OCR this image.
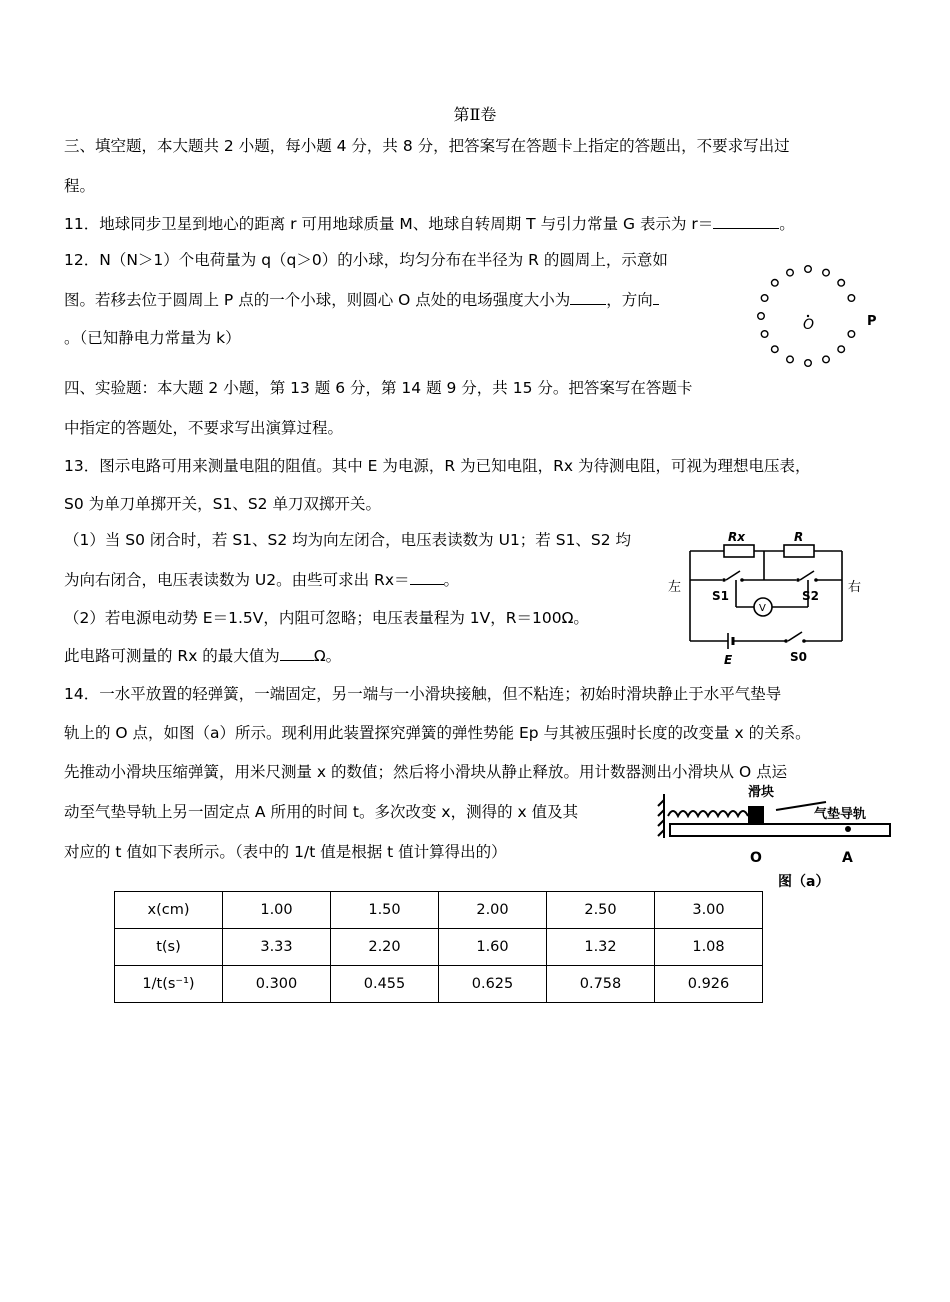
第Ⅱ卷
三、填空题，本大题共 2 小题，每小题 4 分，共 8 分，把答案写在答题卡上指定的答题出，不要求写出过
程。
11．地球同步卫星到地心的距离 r 可用地球质量 M、地球自转周期 T 与引力常量 G 表示为 r＝	。
12．N（N＞1）个电荷量为 q（q＞0）的小球，均匀分布在半径为 R 的圆周上，示意如
图。若移去位于圆周上 P 点的一个小球，则圆心 O 点处的电场强度大小为 ，方向
。（已知静电力常量为 k）
O	P
四、实验题：本大题 2 小题，第 13 题 6 分，第 14 题 9 分，共 15 分。把答案写在答题卡
中指定的答题处，不要求写出演算过程。
13．图示电路可用来测量电阻的阻值。其中 E 为电源，R 为已知电阻，Rx 为待测电阻，可视为理想电压表，
S0 为单刀单掷开关，S1、S2 单刀双掷开关。
（1）当 S0 闭合时，若 S1、S2 均为向左闭合，电压表读数为 U1；若 S1、S2 均
为向右闭合，电压表读数为 U2。由些可求出 Rx＝ 。
（2）若电源电动势 E＝1.5V，内阻可忽略；电压表量程为 1V，R＝100Ω。
此电路可测量的 Rx 的最大值为 Ω。
Rx	R
左	右
S1	S2
V
E	S0
14．一水平放置的轻弹簧，一端固定，另一端与一小滑块接触，但不粘连；初始时滑块静止于水平气垫导
轨上的 O 点，如图（a）所示。现利用此装置探究弹簧的弹性势能 Ep 与其被压强时长度的改变量 x 的关系。
先推动小滑块压缩弹簧，用米尺测量 x 的数值；然后将小滑块从静止释放。用计数器测出小滑块从 O 点运
动至气垫导轨上另一固定点 A 所用的时间 t。多次改变 x，测得的 x 值及其
对应的 t 值如下表所示。（表中的 1/t 值是根据 t 值计算得出的）
滑块
气垫导轨
O	A
图（a）
x(cm)	1.00	1.50	2.00	2.50	3.00
t(s)	3.33	2.20	1.60	1.32	1.08
1/t(s⁻¹)	0.300	0.455	0.625	0.758	0.926
